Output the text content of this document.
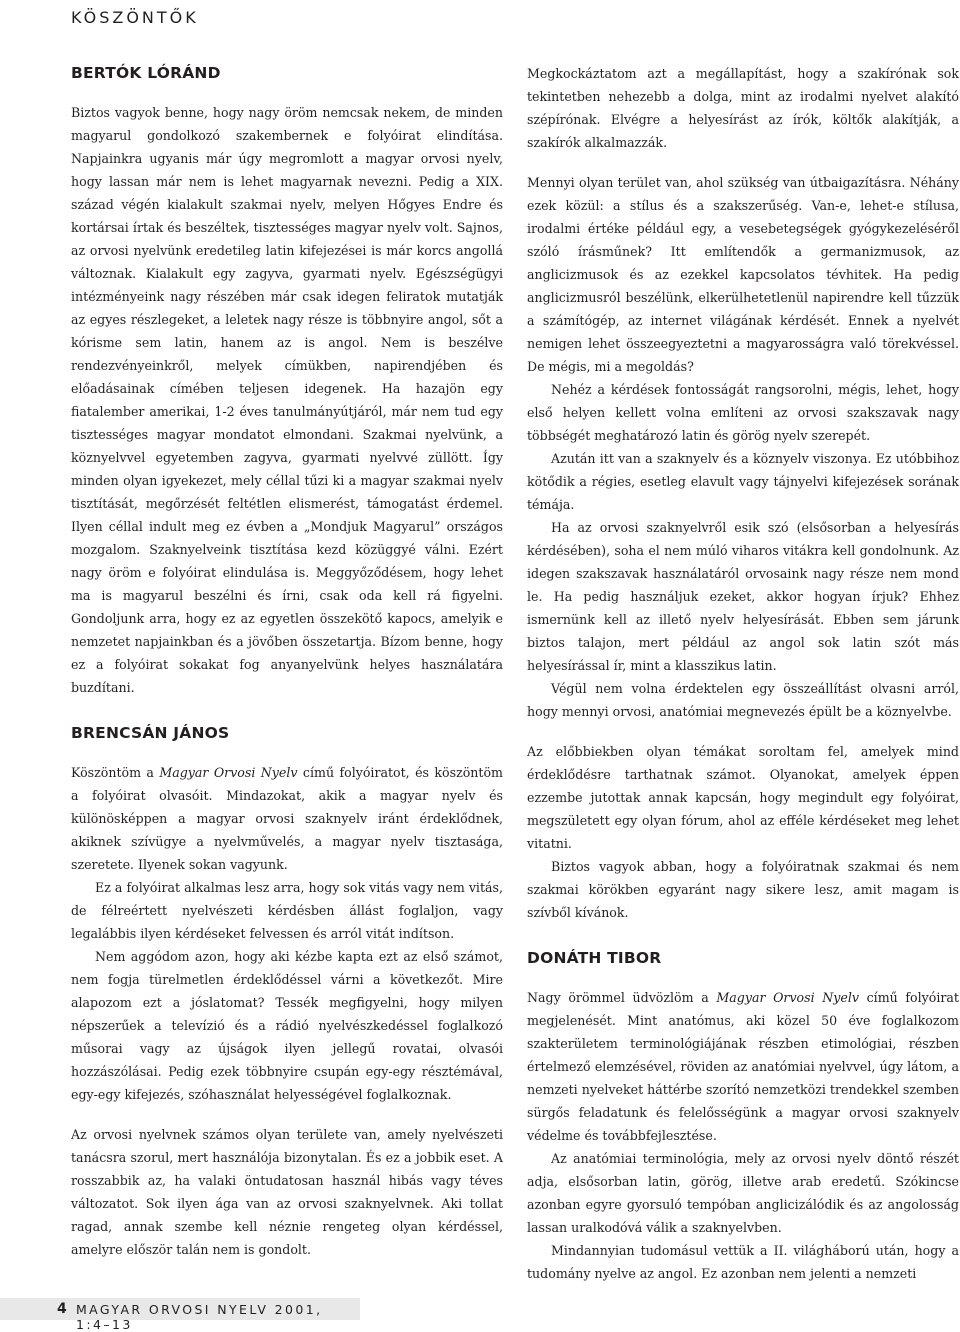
KÖSZÖNTŐK
BERTÓK LÓRÁND

Biztos vagyok benne, hogy nagy öröm nemcsak nekem, de minden magyarul gondolkozó szakembernek e folyóirat elindítása. Napjainkra ugyanis már úgy megromlott a magyar orvosi nyelv, hogy lassan már nem is lehet magyarnak nevezni. Pedig a XIX. század végén kialakult szakmai nyelv, melyen Hőgyes Endre és kortársai írtak és beszéltek, tisztességes magyar nyelv volt. Sajnos, az orvosi nyelvünk eredetileg latin kifejezései is már korcs angollá változnak. Kialakult egy zagyva, gyarmati nyelv. Egészségügyi intézményeink nagy részében már csak idegen feliratok mutatják az egyes részlegeket, a leletek nagy része is többnyire angol, sőt a kórisme sem latin, hanem az is angol. Nem is beszélve rendezvényeinkről, melyek címükben, napirendjében és előadásainak címében teljesen idegenek. Ha hazajön egy fiatalember amerikai, 1-2 éves tanulmányútjáról, már nem tud egy tisztességes magyar mondatot elmondani. Szakmai nyelvünk, a köznyelvvel egyetemben zagyva, gyarmati nyelvvé züllött. Így minden olyan igyekezet, mely céllal tűzi ki a magyar szakmai nyelv tisztítását, megőrzését feltétlen elismerést, támogatást érdemel. Ilyen céllal indult meg ez évben a „Mondjuk Magyarul” országos mozgalom. Szaknyelveink tisztítása kezd közüggyé válni. Ezért nagy öröm e folyóirat elindulása is. Meggyőződésem, hogy lehet ma is magyarul beszélni és írni, csak oda kell rá figyelni. Gondoljunk arra, hogy ez az egyetlen összekötő kapocs, amelyik e nemzetet napjainkban és a jövőben összetartja. Bízom benne, hogy ez a folyóirat sokakat fog anyanyelvünk helyes használatára buzdítani.

BRENCSÁN JÁNOS

Köszöntöm a Magyar Orvosi Nyelv című folyóiratot, és köszöntöm a folyóirat olvasóit. Mindazokat, akik a magyar nyelv és különösképpen a magyar orvosi szaknyelv iránt érdeklődnek, akiknek szívügye a nyelvművelés, a magyar nyelv tisztasága, szeretete. Ilyenek sokan vagyunk.

Ez a folyóirat alkalmas lesz arra, hogy sok vitás vagy nem vitás, de félreértett nyelvészeti kérdésben állást foglaljon, vagy legalábbis ilyen kérdéseket felvessen és arról vitát indítson.

Nem aggódom azon, hogy aki kézbe kapta ezt az első számot, nem fogja türelmetlen érdeklődéssel várni a következőt. Mire alapozom ezt a jóslatomat? Tessék megfigyelni, hogy milyen népszerűek a televízió és a rádió nyelvészkedéssel foglalkozó műsorai vagy az újságok ilyen jellegű rovatai, olvasói hozzászólásai. Pedig ezek többnyire csupán egy-egy résztémával, egy-egy kifejezés, szóhasználat helyességével foglalkoznak.

Az orvosi nyelvnek számos olyan területe van, amely nyelvészeti tanácsra szorul, mert használója bizonytalan. És ez a jobbik eset. A rosszabbik az, ha valaki öntudatosan használ hibás vagy téves változatot. Sok ilyen ága van az orvosi szaknyelvnek. Aki tollat ragad, annak szembe kell néznie rengeteg olyan kérdéssel, amelyre először talán nem is gondolt.

Megkockáztatom azt a megállapítást, hogy a szakírónak sok tekintetben nehezebb a dolga, mint az irodalmi nyelvet alakító szépírónak. Elvégre a helyesírást az írók, költők alakítják, a szakírók alkalmazzák.

Mennyi olyan terület van, ahol szükség van útbaigazításra. Néhány ezek közül: a stílus és a szakszerűség. Van-e, lehet-e stílusa, irodalmi értéke például egy, a vesebetegségek gyógykezeléséről szóló írásműnek? Itt említendők a germanizmusok, az anglicizmusok és az ezekkel kapcsolatos tévhitek. Ha pedig anglicizmusról beszélünk, elkerülhetetlenül napirendre kell tűzzük a számítógép, az internet világának kérdését. Ennek a nyelvét nemigen lehet összeegyeztetni a magyarosságra való törekvéssel. De mégis, mi a megoldás?

Nehéz a kérdések fontosságát rangsorolni, mégis, lehet, hogy első helyen kellett volna említeni az orvosi szakszavak nagy többségét meghatározó latin és görög nyelv szerepét.

Azután itt van a szaknyelv és a köznyelv viszonya. Ez utóbbihoz kötődik a régies, esetleg elavult vagy tájnyelvi kifejezések sorának témája.

Ha az orvosi szaknyelvről esik szó (elsősorban a helyesírás kérdésében), soha el nem múló viharos vitákra kell gondolnunk. Az idegen szakszavak használatáról orvosaink nagy része nem mond le. Ha pedig használjuk ezeket, akkor hogyan írjuk? Ehhez ismernünk kell az illető nyelv helyesírását. Ebben sem járunk biztos talajon, mert például az angol sok latin szót más helyesírással ír, mint a klasszikus latin.

Végül nem volna érdektelen egy összeállítást olvasni arról, hogy mennyi orvosi, anatómiai megnevezés épült be a köznyelvbe.

Az előbbiekben olyan témákat soroltam fel, amelyek mind érdeklődésre tarthatnak számot. Olyanokat, amelyek éppen ezzembe jutottak annak kapcsán, hogy megindult egy folyóirat, megszületett egy olyan fórum, ahol az efféle kérdéseket meg lehet vitatni.

Biztos vagyok abban, hogy a folyóiratnak szakmai és nem szakmai körökben egyaránt nagy sikere lesz, amit magam is szívből kívánok.

DONÁTH TIBOR

Nagy örömmel üdvözlöm a Magyar Orvosi Nyelv című folyóirat megjelenését. Mint anatómus, aki közel 50 éve foglalkozom szakterületem terminológiájának részben etimológiai, részben értelmező elemzésével, röviden az anatómiai nyelvvel, úgy látom, a nemzeti nyelveket háttérbe szorító nemzetközi trendekkel szemben sürgős feladatunk és felelősségünk a magyar orvosi szaknyelv védelme és továbbfejlesztése.

Az anatómiai terminológia, mely az orvosi nyelv döntő részét adja, elsősorban latin, görög, illetve arab eredetű. Szókincse azonban egyre gyorsuló tempóban anglicizálódik és az angolosság lassan uralkodóvá válik a szaknyelvben.

Mindannyian tudomásul vettük a II. világháború után, hogy a tudomány nyelve az angol. Ez azonban nem jelenti a nemzeti

4 MAGYAR ORVOSI NYELV 2001, 1:4–13
